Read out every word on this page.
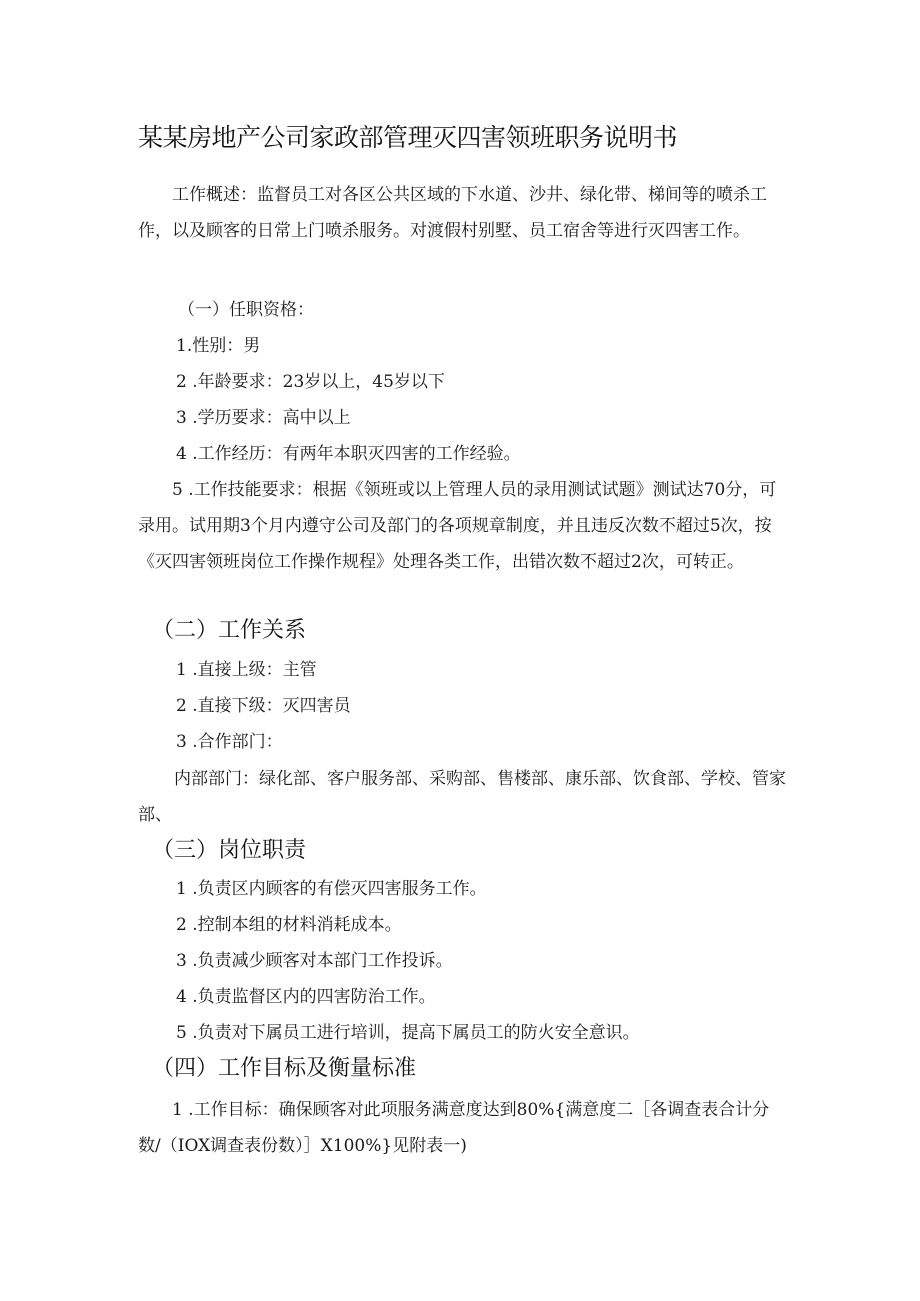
某某房地产公司家政部管理灭四害领班职务说明书
工作概述：监督员工对各区公共区域的下水道、沙井、绿化带、梯间等的喷杀工作，以及顾客的日常上门喷杀服务。对渡假村别墅、员工宿舍等进行灭四害工作。
（一）任职资格：
1.性别：男
2 .年龄要求：23岁以上，45岁以下
3 .学历要求：高中以上
4 .工作经历：有两年本职灭四害的工作经验。
5 .工作技能要求：根据《领班或以上管理人员的录用测试试题》测试达70分，可录用。试用期3个月内遵守公司及部门的各项规章制度，并且违反次数不超过5次，按《灭四害领班岗位工作操作规程》处理各类工作，出错次数不超过2次，可转正。
（二）工作关系
1 .直接上级：主管
2 .直接下级：灭四害员
3 .合作部门：
内部部门：绿化部、客户服务部、采购部、售楼部、康乐部、饮食部、学校、管家部、
（三）岗位职责
1 .负责区内顾客的有偿灭四害服务工作。
2 .控制本组的材料消耗成本。
3 .负责减少顾客对本部门工作投诉。
4 .负责监督区内的四害防治工作。
5 .负责对下属员工进行培训，提高下属员工的防火安全意识。
（四）工作目标及衡量标准
1 .工作目标：确保顾客对此项服务满意度达到80%{满意度二［各调查表合计分数/（IOX调查表份数）］X100%}见附表一)
